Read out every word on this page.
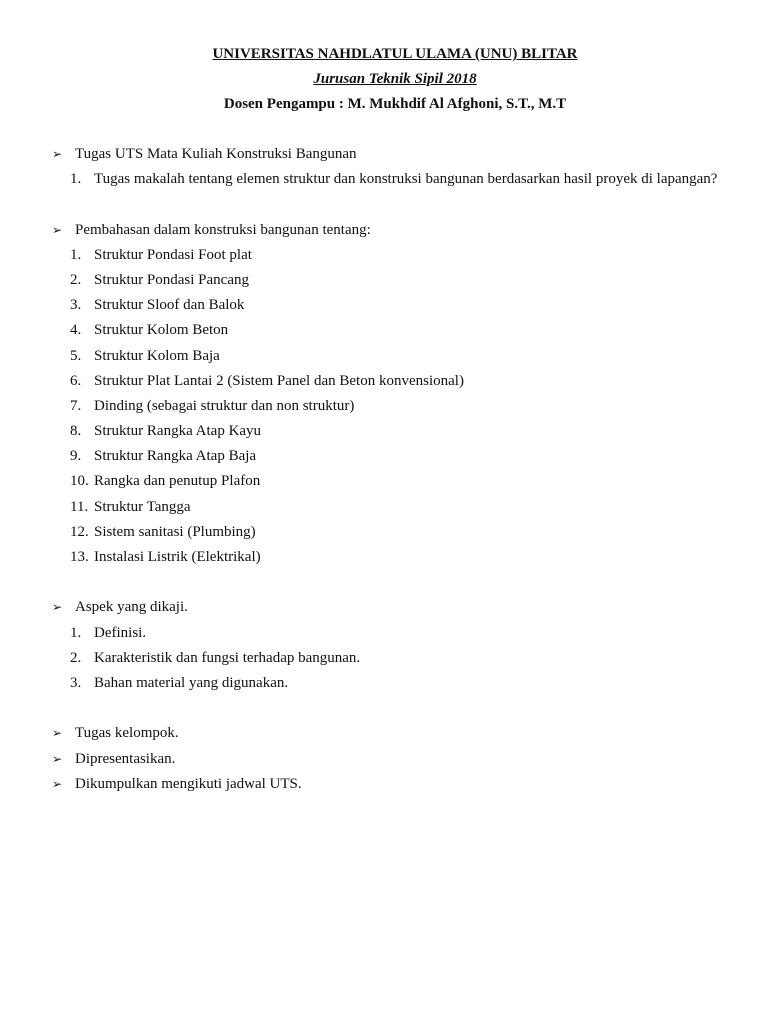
UNIVERSITAS NAHDLATUL ULAMA (UNU) BLITAR
Jurusan Teknik Sipil 2018
Dosen Pengampu : M. Mukhdif Al Afghoni, S.T., M.T
➢ Tugas UTS Mata Kuliah Konstruksi Bangunan
1. Tugas makalah tentang elemen struktur dan konstruksi bangunan berdasarkan hasil proyek di lapangan?
➢ Pembahasan dalam konstruksi bangunan tentang:
1. Struktur Pondasi Foot plat
2. Struktur Pondasi Pancang
3. Struktur Sloof dan Balok
4. Struktur Kolom Beton
5. Struktur Kolom Baja
6. Struktur Plat Lantai 2 (Sistem Panel dan Beton konvensional)
7. Dinding (sebagai struktur dan non struktur)
8. Struktur Rangka Atap Kayu
9. Struktur Rangka Atap Baja
10. Rangka dan penutup Plafon
11. Struktur Tangga
12. Sistem sanitasi (Plumbing)
13. Instalasi Listrik (Elektrikal)
➢ Aspek yang dikaji.
1. Definisi.
2. Karakteristik dan fungsi terhadap bangunan.
3. Bahan material yang digunakan.
➢ Tugas kelompok.
➢ Dipresentasikan.
➢ Dikumpulkan mengikuti jadwal UTS.
